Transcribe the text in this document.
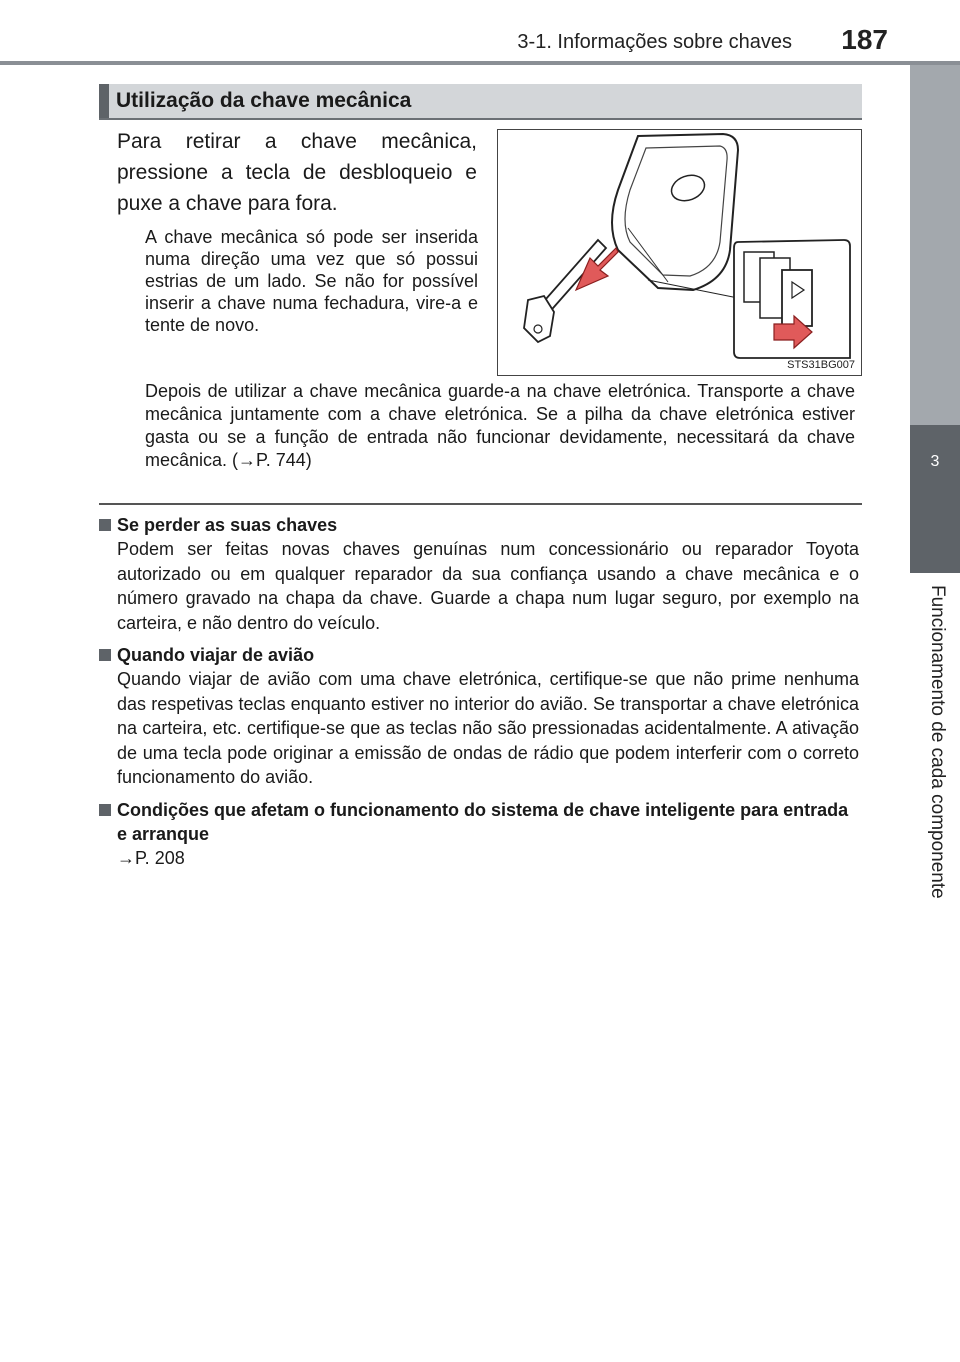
3-1. Informações sobre chaves 187
3
Funcionamento de cada componente
Utilização da chave mecânica
Para retirar a chave mecânica, pressione a tecla de desbloqueio e puxe a chave para fora.
A chave mecânica só pode ser inserida numa direção uma vez que só possui estrias de um lado. Se não for possível inserir a chave numa fechadura, vire-a e tente de novo.
STS31BG007
Depois de utilizar a chave mecânica guarde-a na chave eletrónica. Transporte a chave mecânica juntamente com a chave eletrónica. Se a pilha da chave eletrónica estiver gasta ou se a função de entrada não funcionar devidamente, necessitará da chave mecânica. (→P. 744)
Se perder as suas chaves
Podem ser feitas novas chaves genuínas num concessionário ou reparador Toyota autorizado ou em qualquer reparador da sua confiança usando a chave mecânica e o número gravado na chapa da chave. Guarde a chapa num lugar seguro, por exemplo na carteira, e não dentro do veículo.
Quando viajar de avião
Quando viajar de avião com uma chave eletrónica, certifique-se que não prime nenhuma das respetivas teclas enquanto estiver no interior do avião. Se transportar a chave eletrónica na carteira, etc. certifique-se que as teclas não são pressionadas acidentalmente. A ativação de uma tecla pode originar a emissão de ondas de rádio que podem interferir com o correto funcionamento do avião.
Condições que afetam o funcionamento do sistema de chave inteligente para entrada e arranque
→P. 208
